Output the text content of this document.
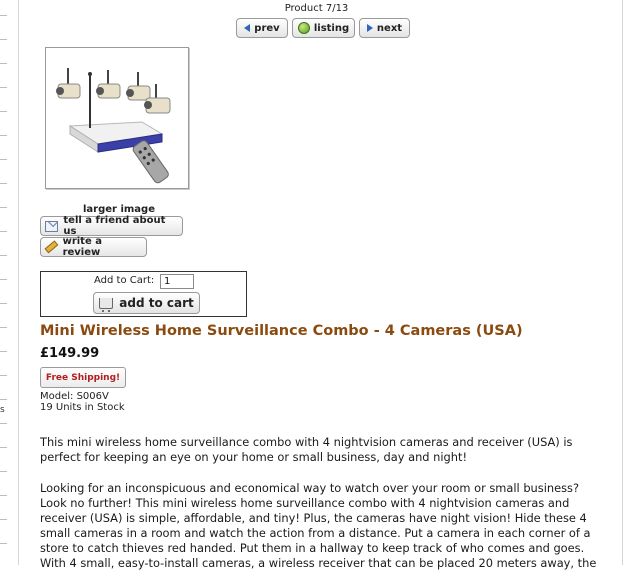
s
Product 7/13
prev	listing	next
larger image
tell a friend about us
write a review
Add to Cart:
1
add to cart
Mini Wireless Home Surveillance Combo - 4 Cameras (USA)
£149.99
Free Shipping!
Model: S006V
19 Units in Stock
This mini wireless home surveillance combo with 4 nightvision cameras and receiver (USA) is perfect for keeping an eye on your home or small business, day and night!
Looking for an inconspicuous and economical way to watch over your room or small business? Look no further! This mini wireless home surveillance combo with 4 nightvision cameras and receiver (USA) is simple, affordable, and tiny! Plus, the cameras have night vision! Hide these 4 small cameras in a room and watch the action from a distance. Put a camera in each corner of a store to catch thieves red handed. Put them in a hallway to keep track of who comes and goes. With 4 small, easy-to-install cameras, a wireless receiver that can be placed 20 meters away, the
